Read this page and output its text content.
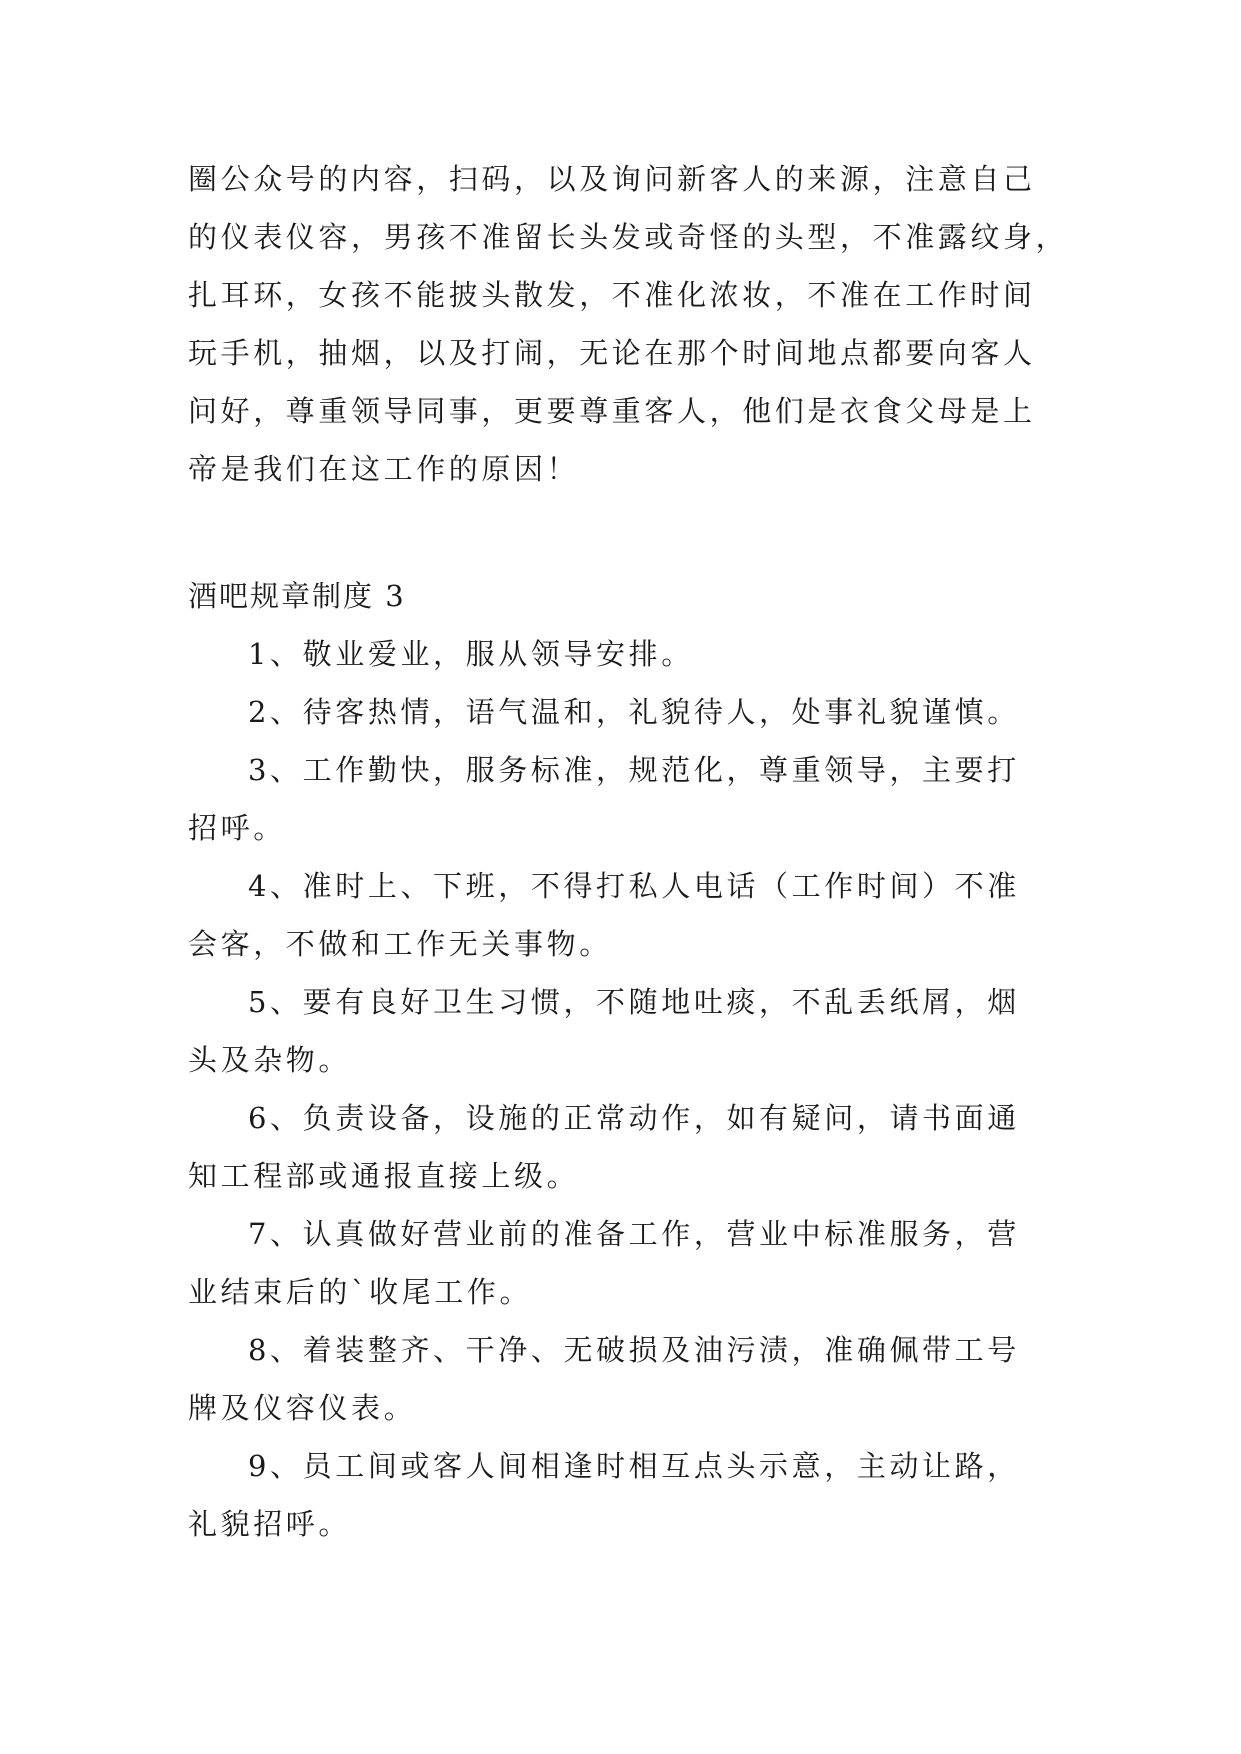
圈公众号的内容，扫码，以及询问新客人的来源，注意自己
的仪表仪容，男孩不准留长头发或奇怪的头型，不准露纹身，
扎耳环，女孩不能披头散发，不准化浓妆，不准在工作时间
玩手机，抽烟，以及打闹，无论在那个时间地点都要向客人
问好，尊重领导同事，更要尊重客人，他们是衣食父母是上
帝是我们在这工作的原因！
酒吧规章制度 3
1、敬业爱业，服从领导安排。
2、待客热情，语气温和，礼貌待人，处事礼貌谨慎。
3、工作勤快，服务标准，规范化，尊重领导，主要打
招呼。
4、准时上、下班，不得打私人电话（工作时间）不准
会客，不做和工作无关事物。
5、要有良好卫生习惯，不随地吐痰，不乱丢纸屑，烟
头及杂物。
6、负责设备，设施的正常动作，如有疑问，请书面通
知工程部或通报直接上级。
7、认真做好营业前的准备工作，营业中标准服务，营
业结束后的`收尾工作。
8、着装整齐、干净、无破损及油污渍，准确佩带工号
牌及仪容仪表。
9、员工间或客人间相逢时相互点头示意，主动让路，
礼貌招呼。
